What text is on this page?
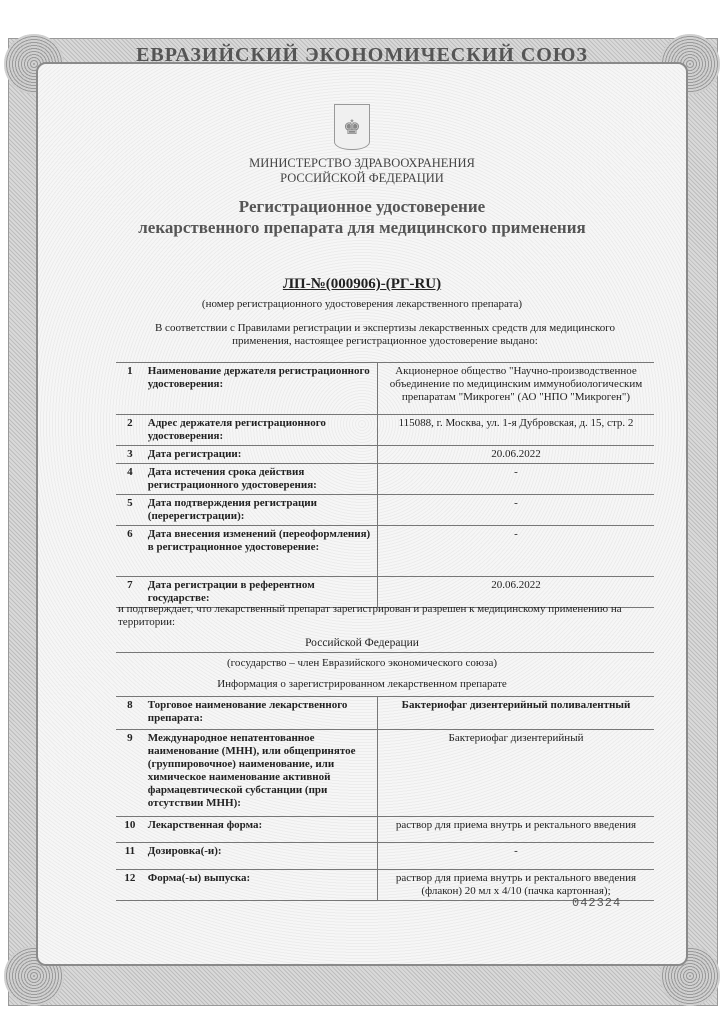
ЕВРАЗИЙСКИЙ ЭКОНОМИЧЕСКИЙ СОЮЗ
♚
МИНИСТЕРСТВО ЗДРАВООХРАНЕНИЯ
РОССИЙСКОЙ ФЕДЕРАЦИИ
Регистрационное удостоверение
лекарственного препарата для медицинского применения
ЛП-№(000906)-(РГ-RU)
(номер регистрационного удостоверения лекарственного препарата)
В соответствии с Правилами регистрации и экспертизы лекарственных средств для медицинского применения, настоящее регистрационное удостоверение выдано:
1	Наименование держателя регистрационного удостоверения:	Акционерное общество "Научно-производственное объединение по медицинским иммунобиологическим препаратам "Микроген" (АО "НПО "Микроген")
2	Адрес держателя регистрационного удостоверения:	115088, г. Москва, ул. 1-я Дубровская, д. 15, стр. 2
3	Дата регистрации:	20.06.2022
4	Дата истечения срока действия регистрационного удостоверения:	-
5	Дата подтверждения регистрации (перерегистрации):	-
6	Дата внесения изменений (переоформления) в регистрационное удостоверение:	-
7	Дата регистрации в референтном государстве:	20.06.2022
и подтверждает, что лекарственный препарат зарегистрирован и разрешен к медицинскому применению на территории:
Российской Федерации
(государство – член Евразийского экономического союза)
Информация о зарегистрированном лекарственном препарате
8	Торговое наименование лекарственного препарата:	Бактериофаг дизентерийный поливалентный
9	Международное непатентованное наименование (МНН), или общепринятое (группировочное) наименование, или химическое наименование активной фармацевтической субстанции (при отсутствии МНН):	Бактериофаг дизентерийный
10	Лекарственная форма:	раствор для приема внутрь и ректального введения
11	Дозировка(-и):	-
12	Форма(-ы) выпуска:	раствор для приема внутрь и ректального введения (флакон) 20 мл х 4/10 (пачка картонная);
042324
